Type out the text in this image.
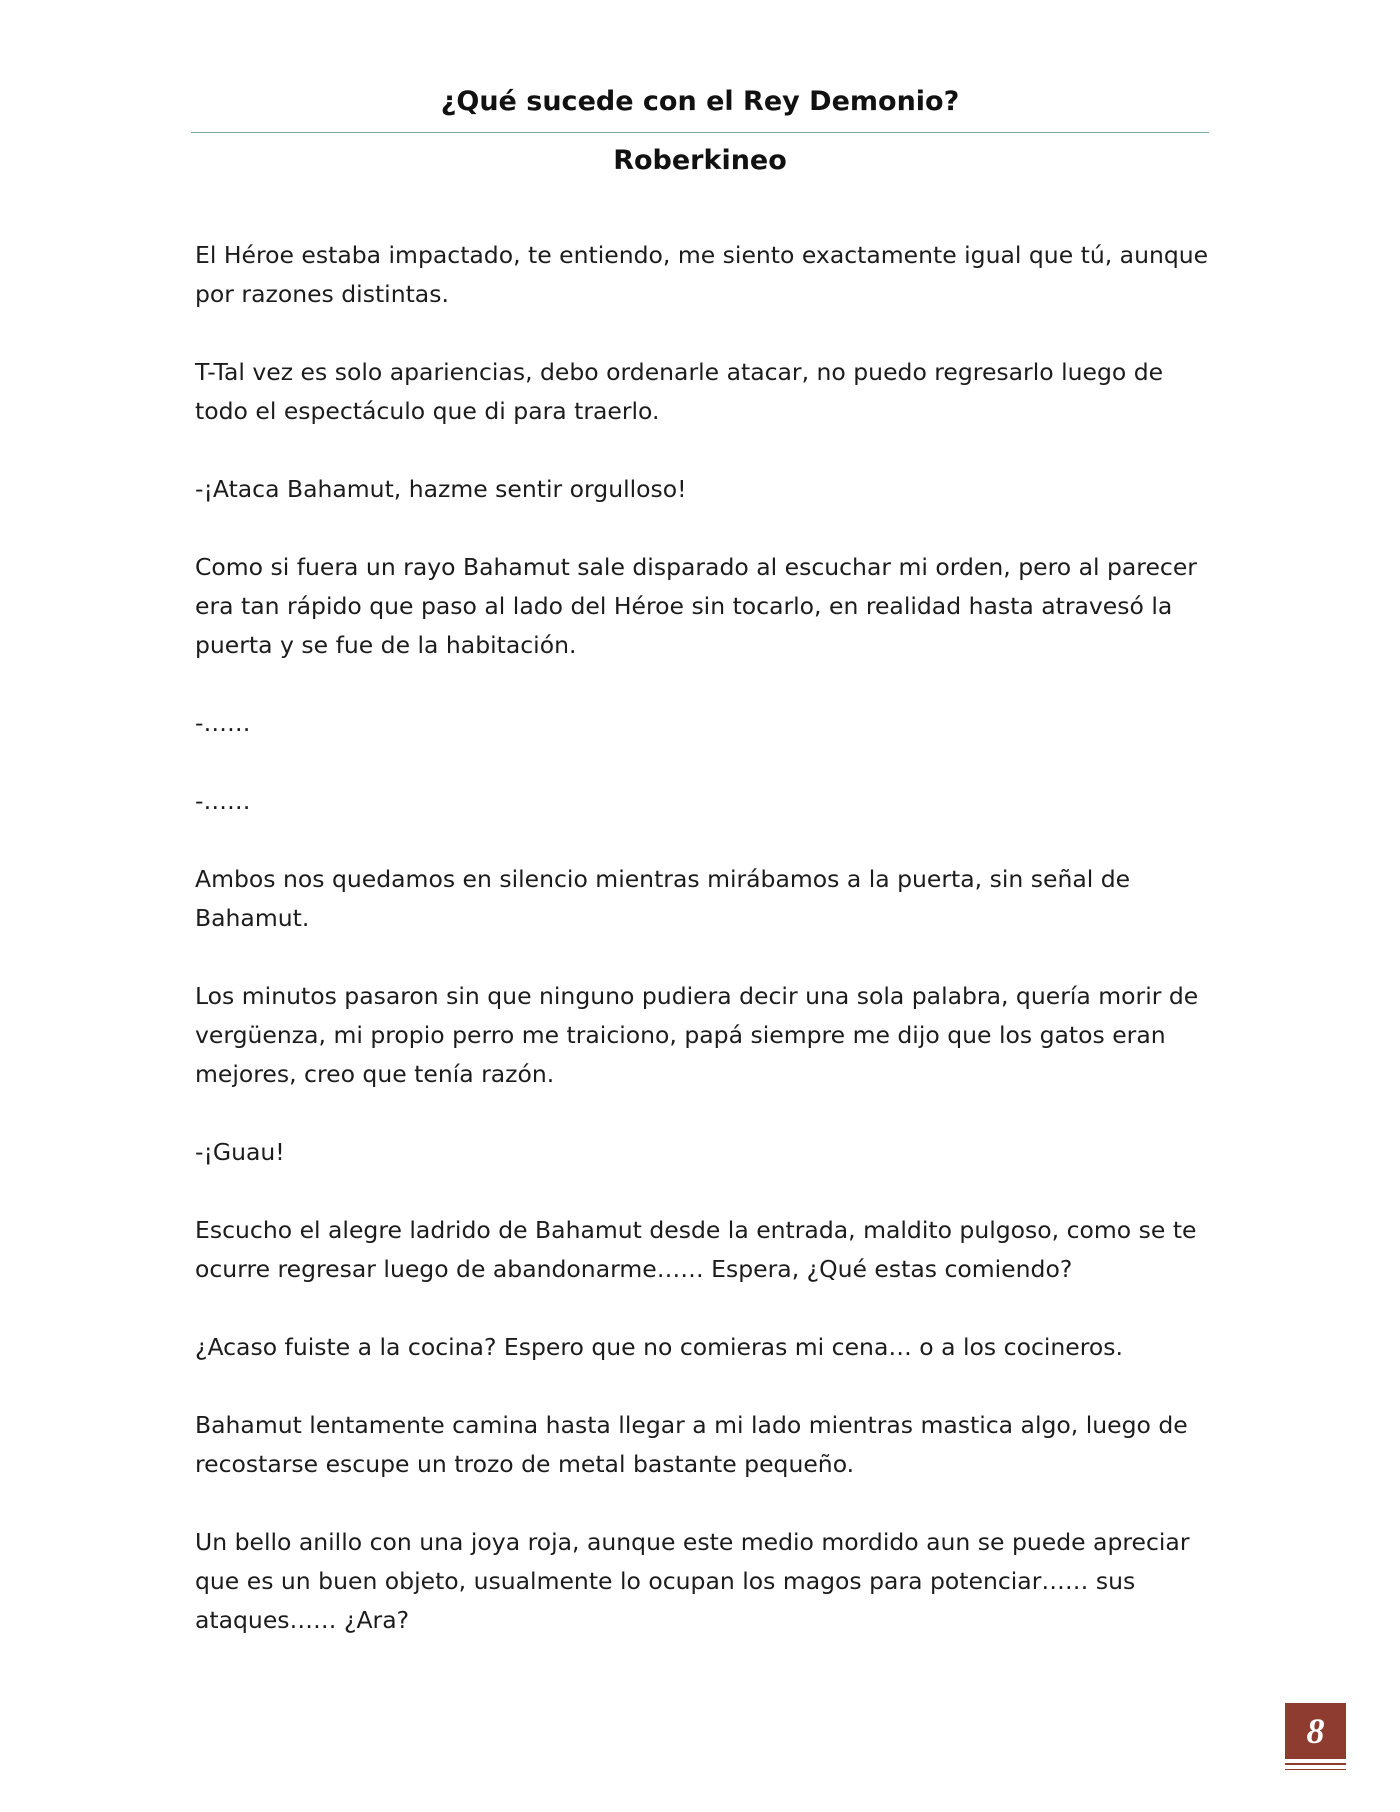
¿Qué sucede con el Rey Demonio?
Roberkineo

El Héroe estaba impactado, te entiendo, me siento exactamente igual que tú, aunque por razones distintas.

T-Tal vez es solo apariencias, debo ordenarle atacar, no puedo regresarlo luego de todo el espectáculo que di para traerlo.

-¡Ataca Bahamut, hazme sentir orgulloso!

Como si fuera un rayo Bahamut sale disparado al escuchar mi orden, pero al parecer era tan rápido que paso al lado del Héroe sin tocarlo, en realidad hasta atravesó la puerta y se fue de la habitación.

-……

-……

Ambos nos quedamos en silencio mientras mirábamos a la puerta, sin señal de Bahamut.

Los minutos pasaron sin que ninguno pudiera decir una sola palabra, quería morir de vergüenza, mi propio perro me traiciono, papá siempre me dijo que los gatos eran mejores, creo que tenía razón.

-¡Guau!

Escucho el alegre ladrido de Bahamut desde la entrada, maldito pulgoso, como se te ocurre regresar luego de abandonarme…… Espera, ¿Qué estas comiendo?

¿Acaso fuiste a la cocina? Espero que no comieras mi cena… o a los cocineros.

Bahamut lentamente camina hasta llegar a mi lado mientras mastica algo, luego de recostarse escupe un trozo de metal bastante pequeño.

Un bello anillo con una joya roja, aunque este medio mordido aun se puede apreciar que es un buen objeto, usualmente lo ocupan los magos para potenciar…… sus ataques…… ¿Ara?

8
